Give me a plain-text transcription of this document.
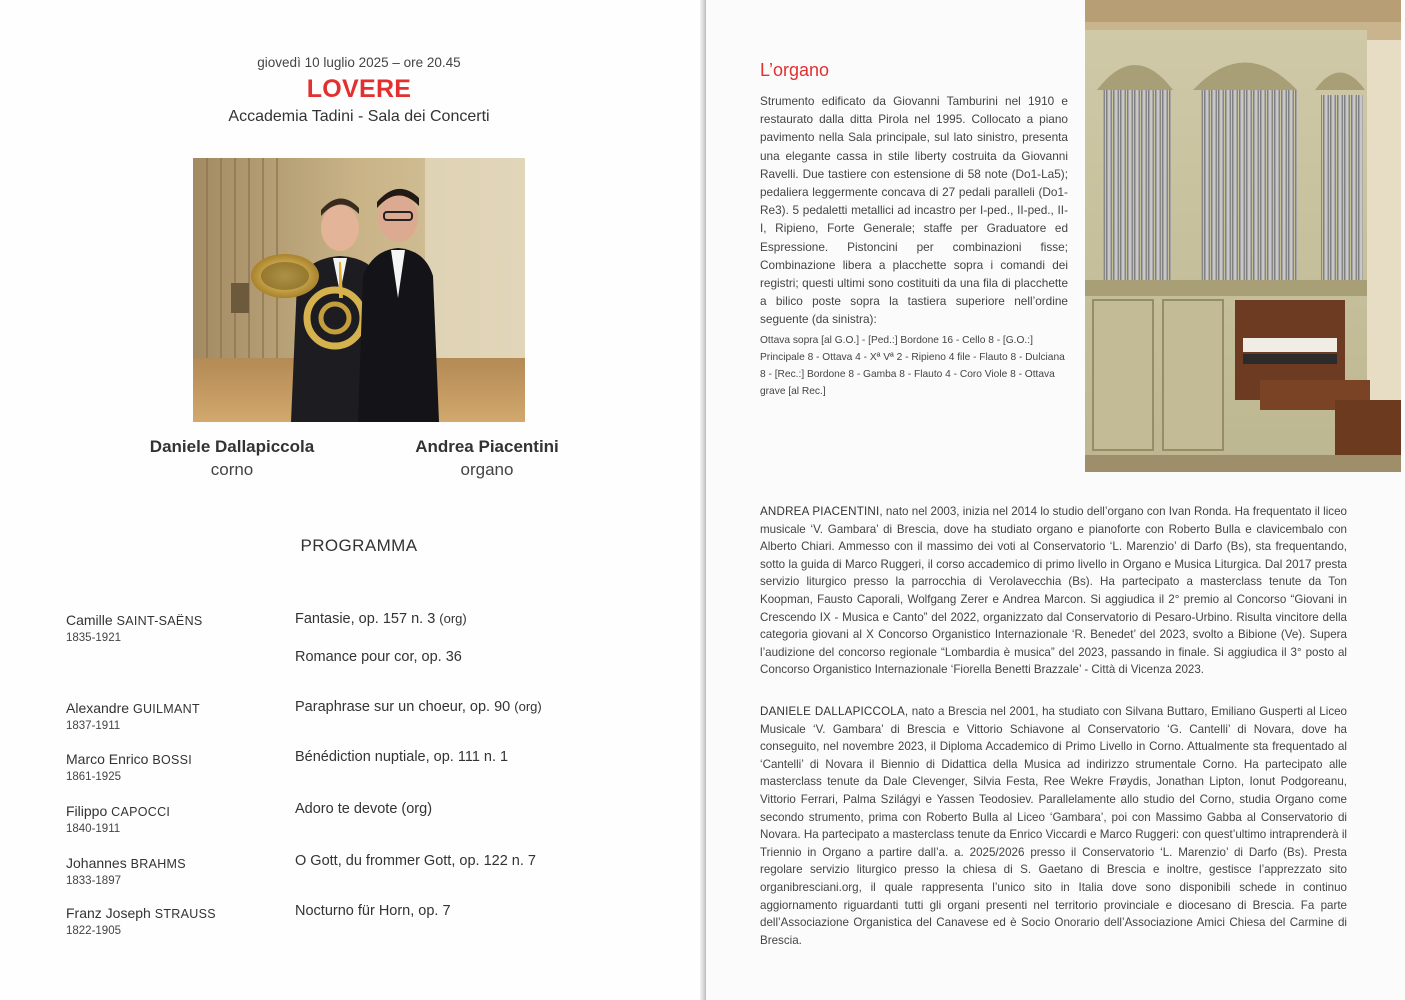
giovedì 10 luglio 2025 – ore 20.45
LOVERE
Accademia Tadini - Sala dei Concerti
Daniele Dallapiccola
corno
Andrea Piacentini
organo
PROGRAMMA
Camille SAINT-SAËNS
1835-1921
Fantasie, op. 157 n. 3 (org)
Romance pour cor, op. 36
Alexandre GUILMANT
1837-1911
Paraphrase sur un choeur, op. 90 (org)
Marco Enrico BOSSI
1861-1925
Bénédiction nuptiale, op. 111 n. 1
Filippo CAPOCCI
1840-1911
Adoro te devote (org)
Johannes BRAHMS
1833-1897
O Gott, du frommer Gott, op. 122 n. 7
Franz Joseph STRAUSS
1822-1905
Nocturno für Horn, op. 7
L’organo
Strumento edificato da Giovanni Tamburini nel 1910 e restaurato dalla ditta Pirola nel 1995. Collocato a piano pavimento nella Sala principale, sul lato sinistro, presenta una elegante cassa in stile liberty costruita da Giovanni Ravelli. Due tastiere con estensione di 58 note (Do1-La5); pedaliera leggermente concava di 27 pedali paralleli (Do1-Re3). 5 pedaletti metallici ad incastro per I-ped., II-ped., II-I, Ripieno, Forte Generale; staffe per Graduatore ed Espressione. Pistoncini per combinazioni fisse; Combinazione libera a placchette sopra i comandi dei registri; questi ultimi sono costituiti da una fila di placchette a bilico poste sopra la tastiera superiore nell’ordine seguente (da sinistra):
Ottava sopra [al G.O.] - [Ped.:] Bordone 16 - Cello 8 - [G.O.:] Principale 8 - Ottava 4 - Xª Vª 2 - Ripieno 4 file - Flauto 8 - Dulciana 8 - [Rec.:] Bordone 8 - Gamba 8 - Flauto 4 - Coro Viole 8 - Ottava grave [al Rec.]
ANDREA PIACENTINI, nato nel 2003, inizia nel 2014 lo studio dell’organo con Ivan Ronda. Ha frequentato il liceo musicale ‘V. Gambara’ di Brescia, dove ha studiato organo e pianoforte con Roberto Bulla e clavicembalo con Alberto Chiari. Ammesso con il massimo dei voti al Conservatorio ‘L. Marenzio’ di Darfo (Bs), sta frequentando, sotto la guida di Marco Ruggeri, il corso accademico di primo livello in Organo e Musica Liturgica. Dal 2017 presta servizio liturgico presso la parrocchia di Verolavecchia (Bs). Ha partecipato a masterclass tenute da Ton Koopman, Fausto Caporali, Wolfgang Zerer e Andrea Marcon. Si aggiudica il 2° premio al Concorso “Giovani in Crescendo IX - Musica e Canto” del 2022, organizzato dal Conservatorio di Pesaro-Urbino. Risulta vincitore della categoria giovani al X Concorso Organistico Internazionale ‘R. Benedet’ del 2023, svolto a Bibione (Ve). Supera l’audizione del concorso regionale “Lombardia è musica” del 2023, passando in finale. Si aggiudica il 3° posto al Concorso Organistico Internazionale ‘Fiorella Benetti Brazzale’ - Città di Vicenza 2023.
DANIELE DALLAPICCOLA, nato a Brescia nel 2001, ha studiato con Silvana Buttaro, Emiliano Gusperti al Liceo Musicale ‘V. Gambara’ di Brescia e Vittorio Schiavone al Conservatorio ‘G. Cantelli’ di Novara, dove ha conseguito, nel novembre 2023, il Diploma Accademico di Primo Livello in Corno. Attualmente sta frequentado al ‘Cantelli’ di Novara il Biennio di Didattica della Musica ad indirizzo strumentale Corno. Ha partecipato alle masterclass tenute da Dale Clevenger, Silvia Festa, Ree Wekre Frøydis, Jonathan Lipton, Ionut Podgoreanu, Vittorio Ferrari, Palma Szilágyi e Yassen Teodosiev. Parallelamente allo studio del Corno, studia Organo come secondo strumento, prima con Roberto Bulla al Liceo ‘Gambara’, poi con Massimo Gabba al Conservatorio di Novara. Ha partecipato a masterclass tenute da Enrico Viccardi e Marco Ruggeri: con quest’ultimo intraprenderà il Triennio in Organo a partire dall’a. a. 2025/2026 presso il Conservatorio ‘L. Marenzio’ di Darfo (Bs). Presta regolare servizio liturgico presso la chiesa di S. Gaetano di Brescia e inoltre, gestisce l’apprezzato sito organibresciani.org, il quale rappresenta l’unico sito in Italia dove sono disponibili schede in continuo aggiornamento riguardanti tutti gli organi presenti nel territorio provinciale e diocesano di Brescia. Fa parte dell’Associazione Organistica del Canavese ed è Socio Onorario dell’Associazione Amici Chiesa del Carmine di Brescia.
